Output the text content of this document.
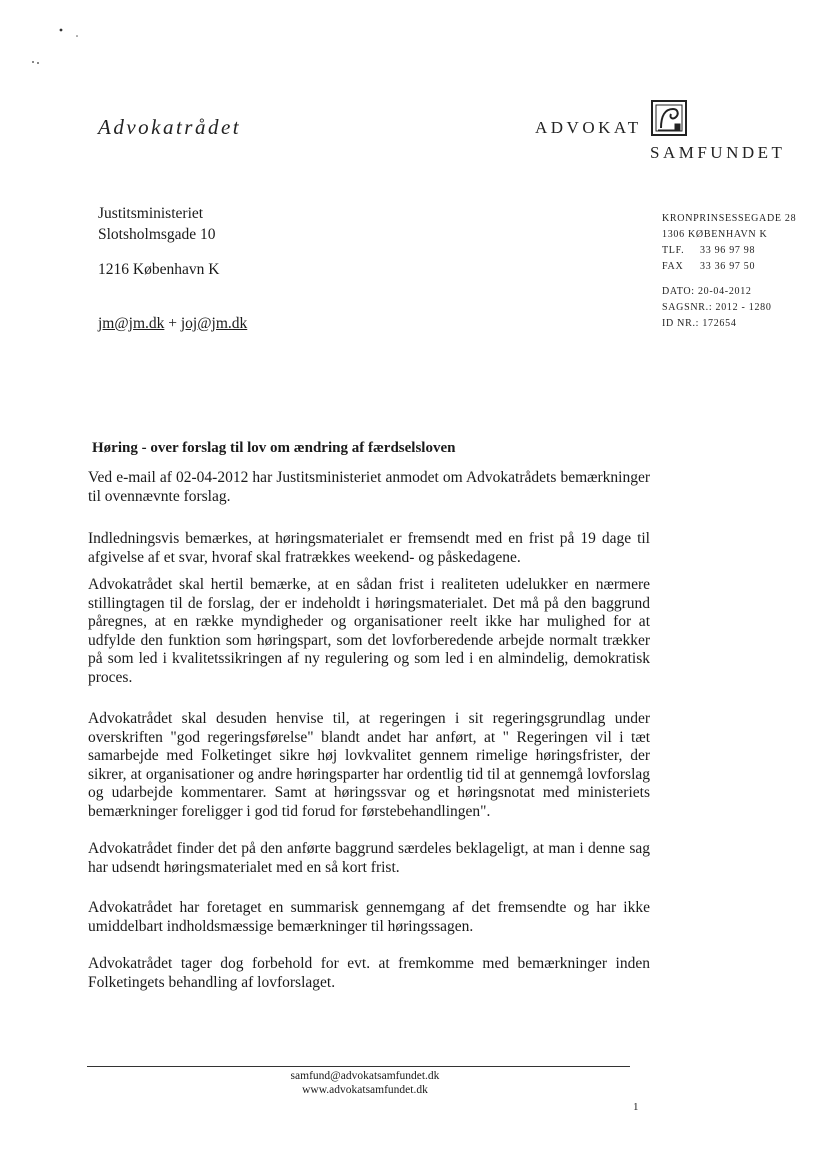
Advokatrådet	ADVOKAT
SAMFUNDET
Justitsministeriet
Slotsholmsgade 10
1216 København K
jm@jm.dk + joj@jm.dk
KRONPRINSESSEGADE 28
1306 KØBENHAVN K
TLF. 33 96 97 98
FAX 33 36 97 50
DATO: 20-04-2012
SAGSNR.: 2012 - 1280
ID NR.: 172654
Høring - over forslag til lov om ændring af færdselsloven
Ved e-mail af 02-04-2012 har Justitsministeriet anmodet om Advokatrådets bemærkninger til ovennævnte forslag.
Indledningsvis bemærkes, at høringsmaterialet er fremsendt med en frist på 19 dage til afgivelse af et svar, hvoraf skal fratrækkes weekend- og påskedagene.
Advokatrådet skal hertil bemærke, at en sådan frist i realiteten udelukker en nærmere stillingtagen til de forslag, der er indeholdt i høringsmaterialet. Det må på den baggrund påregnes, at en række myndigheder og organisationer reelt ikke har mulighed for at udfylde den funktion som høringspart, som det lovforberedende arbejde normalt trækker på som led i kvalitetssikringen af ny regulering og som led i en almindelig, demokratisk proces.
Advokatrådet skal desuden henvise til, at regeringen i sit regeringsgrundlag under overskriften "god regeringsførelse" blandt andet har anført, at " Regeringen vil i tæt samarbejde med Folketinget sikre høj lovkvalitet gennem rimelige høringsfrister, der sikrer, at organisationer og andre høringsparter har ordentlig tid til at gennemgå lovforslag og udarbejde kommentarer. Samt at høringssvar og et høringsnotat med ministeriets bemærkninger foreligger i god tid forud for førstebehandlingen".
Advokatrådet finder det på den anførte baggrund særdeles beklageligt, at man i denne sag har udsendt høringsmaterialet med en så kort frist.
Advokatrådet har foretaget en summarisk gennemgang af det fremsendte og har ikke umiddelbart indholdsmæssige bemærkninger til høringssagen.
Advokatrådet tager dog forbehold for evt. at fremkomme med bemærkninger inden Folketingets behandling af lovforslaget.
samfund@advokatsamfundet.dk
www.advokatsamfundet.dk
1
